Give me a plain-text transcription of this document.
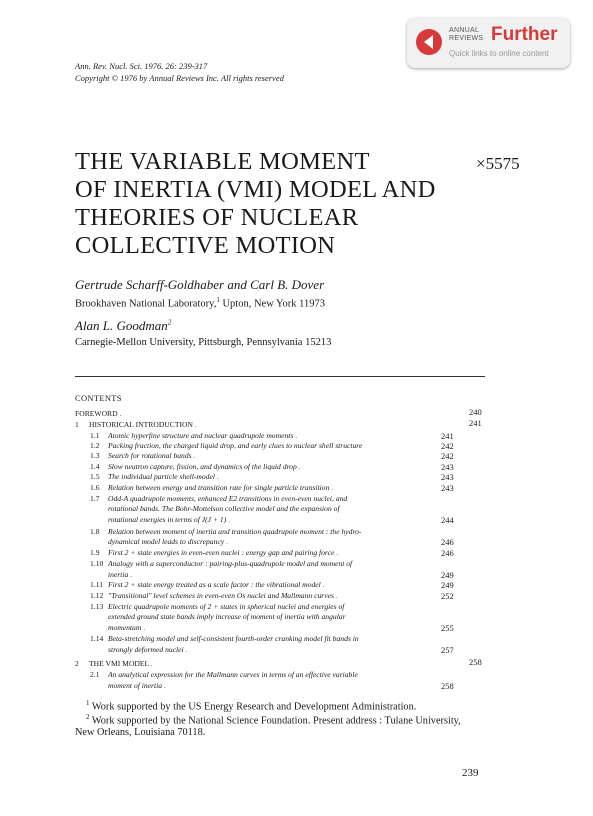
ANNUAL
REVIEWS Further
Quick links to online content
Ann. Rev. Nucl. Sci. 1976. 26: 239-317
Copyright © 1976 by Annual Reviews Inc. All rights reserved
THE VARIABLE MOMENT
OF INERTIA (VMI) MODEL AND
THEORIES OF NUCLEAR
COLLECTIVE MOTION
×5575
Gertrude Scharff-Goldhaber and Carl B. Dover
Brookhaven National Laboratory,$^1$ Upton, New York 11973
Alan L. Goodman$^2$
Carnegie-Mellon University, Pittsburgh, Pennsylvania 15213
CONTENTS
FOREWORD .	240
1 HISTORICAL INTRODUCTION .	241
1.1 Atomic hyperfine structure and nuclear quadrupole moments .	241
1.2 Packing fraction, the charged liquid drop, and early clues to nuclear shell structure	242
1.3 Search for rotational bands .	242
1.4 Slow neutron capture, fission, and dynamics of the liquid drop .	243
1.5 The individual particle shell-model .	243
1.6 Relation between energy and transition rate for single particle transition .	243
1.7 Odd-A quadrupole moments, enhanced E2 transitions in even-even nuclei, and
rotational bands. The Bohr-Mottelson collective model and the expansion of
rotational energies in terms of J(J + 1) .	244
1.8 Relation between moment of inertia and transition quadrupole moment : the hydro-
dynamical model leads to discrepancy .	246
1.9 First 2 + state energies in even-even nuclei : energy gap and pairing force .	246
1.10 Analogy with a superconductor : pairing-plus-quadrupole model and moment of
inertia .	249
1.11 First 2 + state energy treated as a scale factor : the vibrational model .	249
1.12 "Transitional" level schemes in even-even Os nuclei and Mallmann curves .	252
1.13 Electric quadrupole moments of 2 + states in spherical nuclei and energies of
extended ground state bands imply increase of moment of inertia with angular
momentum .	255
1.14 Beta-stretching model and self-consistent fourth-order cranking model fit bands in
strongly deformed nuclei .	257
2 THE VMI MODEL .	258
2.1 An analytical expression for the Mallmann curves in terms of an effective variable
moment of inertia .	258
$^1$ Work supported by the US Energy Research and Development Administration.
$^2$ Work supported by the National Science Foundation. Present address : Tulane University,
New Orleans, Louisiana 70118.
239
